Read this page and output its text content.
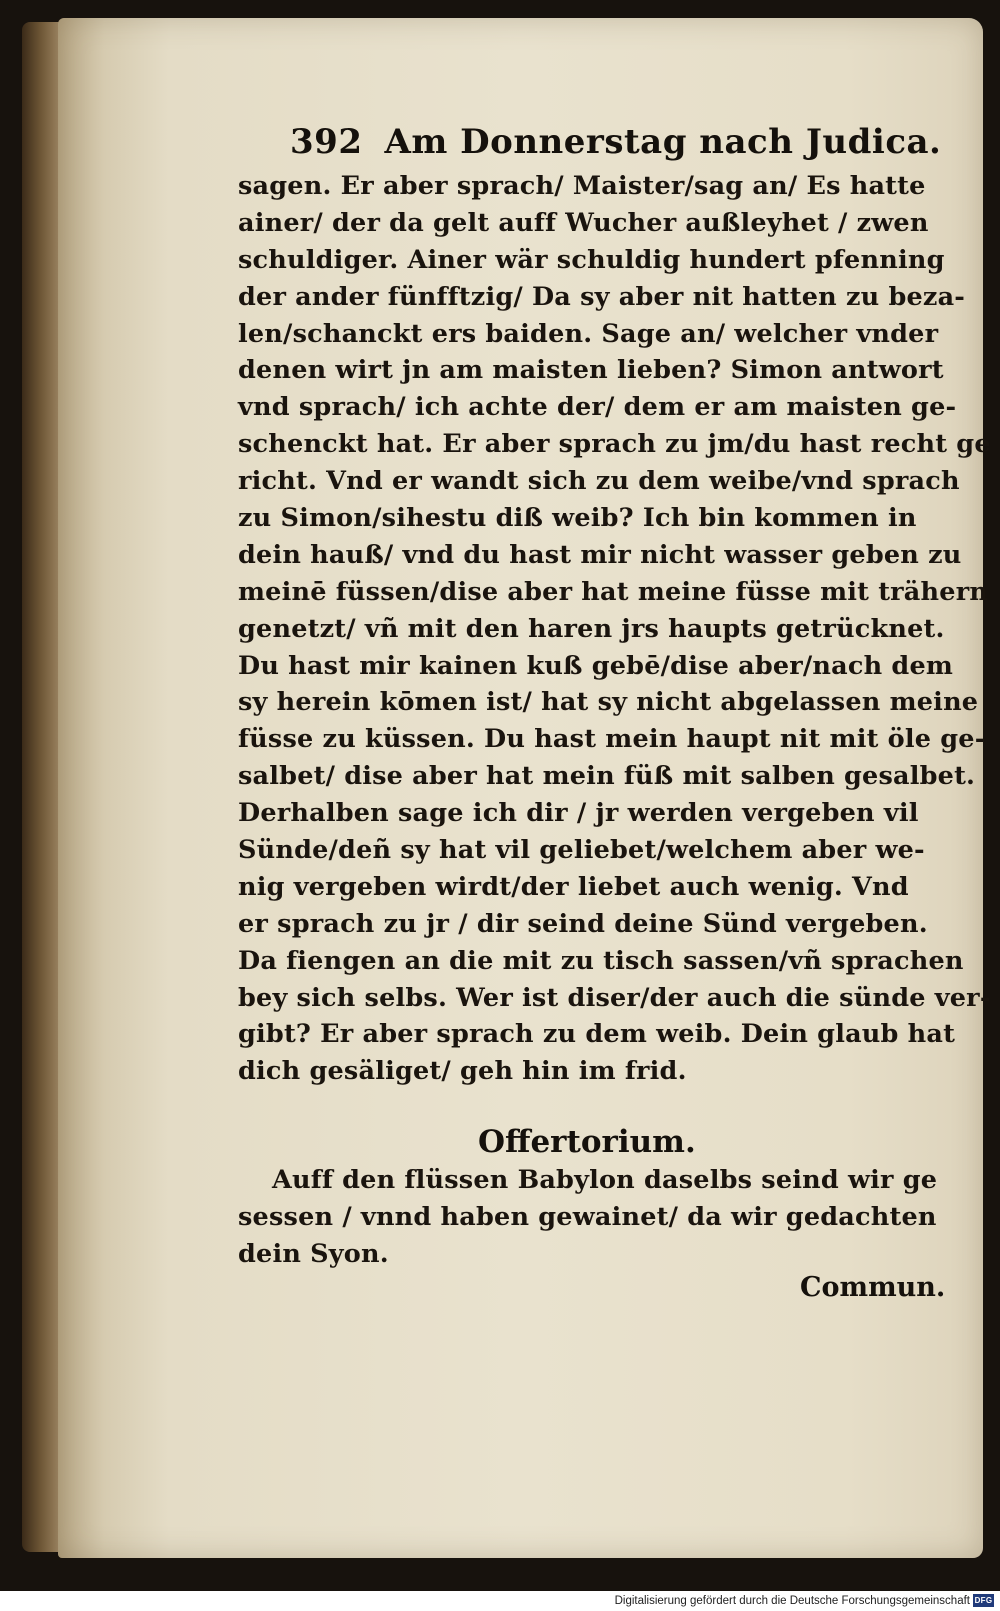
392 Am Donnerstag nach Judica.
sagen. Er aber sprach/ Maister/sag an/ Es hatte
ainer/ der da gelt auff Wucher außleyhet / zwen
schuldiger. Ainer wär schuldig hundert pfenning
der ander fünfftzig/ Da sy aber nit hatten zu beza-
len/schanckt ers baiden. Sage an/ welcher vnder
denen wirt jn am maisten lieben? Simon antwort
vnd sprach/ ich achte der/ dem er am maisten ge-
schenckt hat. Er aber sprach zu jm/du hast recht ge
richt. Vnd er wandt sich zu dem weibe/vnd sprach
zu Simon/sihestu diß weib? Ich bin kommen in
dein hauß/ vnd du hast mir nicht wasser geben zu
meinē füssen/dise aber hat meine füsse mit trähern
genetzt/ vñ mit den haren jrs haupts getrücknet.
Du hast mir kainen kuß gebē/dise aber/nach dem
sy herein kōmen ist/ hat sy nicht abgelassen meine
füsse zu küssen. Du hast mein haupt nit mit öle ge-
salbet/ dise aber hat mein füß mit salben gesalbet.
Derhalben sage ich dir / jr werden vergeben vil
Sünde/deñ sy hat vil geliebet/welchem aber we-
nig vergeben wirdt/der liebet auch wenig. Vnd
er sprach zu jr / dir seind deine Sünd vergeben.
Da fiengen an die mit zu tisch sassen/vñ sprachen
bey sich selbs. Wer ist diser/der auch die sünde ver-
gibt? Er aber sprach zu dem weib. Dein glaub hat
dich gesäliget/ geh hin im frid.
Offertorium.
Auff den flüssen Babylon daselbs seind wir ge
sessen / vnnd haben gewainet/ da wir gedachten
dein Syon.
Commun.
Digitalisierung gefördert durch die Deutsche Forschungsgemeinschaft DFG
